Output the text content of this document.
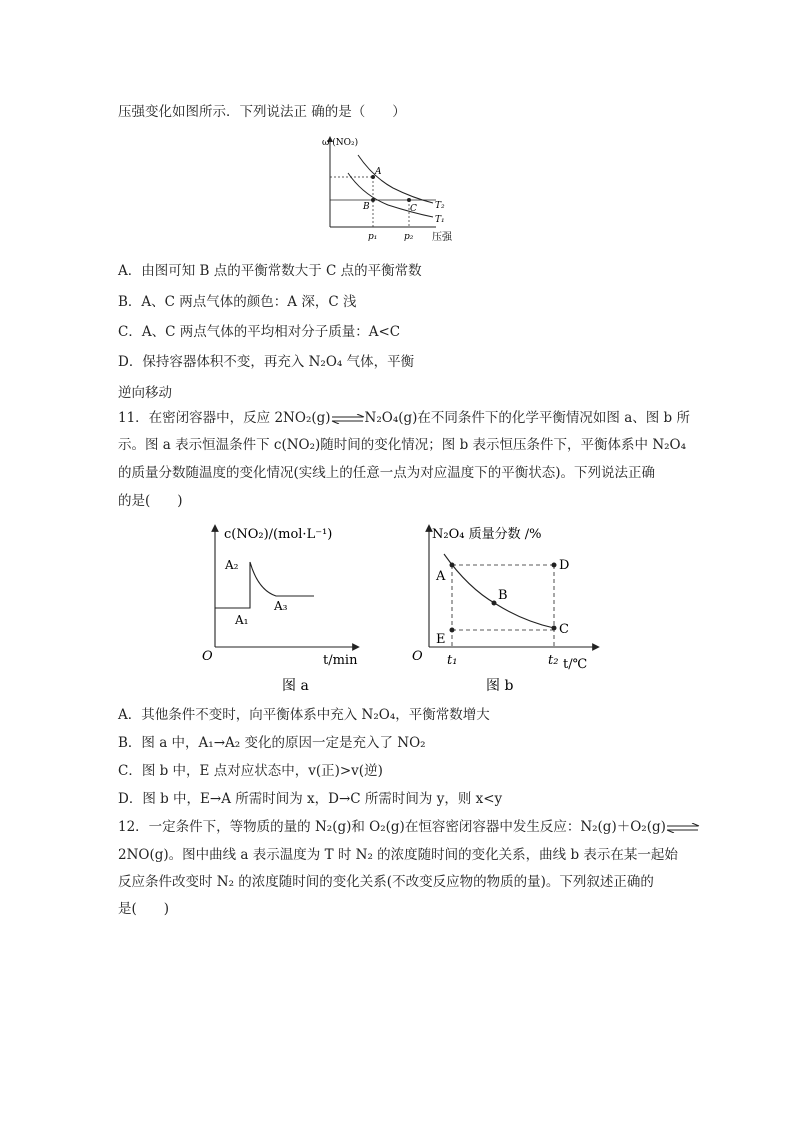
压强变化如图所示．下列说法正 确的是（　　）
ω (NO₂)
A
B	C T₂
T₁
p₁	p₂ 压强
A．由图可知 B 点的平衡常数大于 C 点的平衡常数
B．A、C 两点气体的颜色：A 深，C 浅
C．A、C 两点气体的平均相对分子质量：A<C
D．保持容器体积不变，再充入 N₂O₄ 气体，平衡
逆向移动
11．在密闭容器中，反应 2NO₂(g)⇌N₂O₄(g)在不同条件下的化学平衡情况如图 a、图 b 所
示。图 a 表示恒温条件下 c(NO₂)随时间的变化情况；图 b 表示恒压条件下，平衡体系中 N₂O₄
的质量分数随温度的变化情况(实线上的任意一点为对应温度下的平衡状态)。下列说法正确
的是(　　)
c(NO₂)/(mol·L⁻¹)
A₂
A₁
A₃
O	t/min
图 a
N₂O₄ 质量分数 /%
A
B
C
D
E
O t₁	t₂ t/℃
图 b
A．其他条件不变时，向平衡体系中充入 N₂O₄，平衡常数增大
B．图 a 中，A₁→A₂ 变化的原因一定是充入了 NO₂
C．图 b 中，E 点对应状态中，v(正)>v(逆)
D．图 b 中，E→A 所需时间为 x，D→C 所需时间为 y，则 x<y
12．一定条件下，等物质的量的 N₂(g)和 O₂(g)在恒容密闭容器中发生反应：N₂(g)＋O₂(g)⇌
2NO(g)。图中曲线 a 表示温度为 T 时 N₂ 的浓度随时间的变化关系，曲线 b 表示在某一起始
反应条件改变时 N₂ 的浓度随时间的变化关系(不改变反应物的物质的量)。下列叙述正确的
是(　　)
